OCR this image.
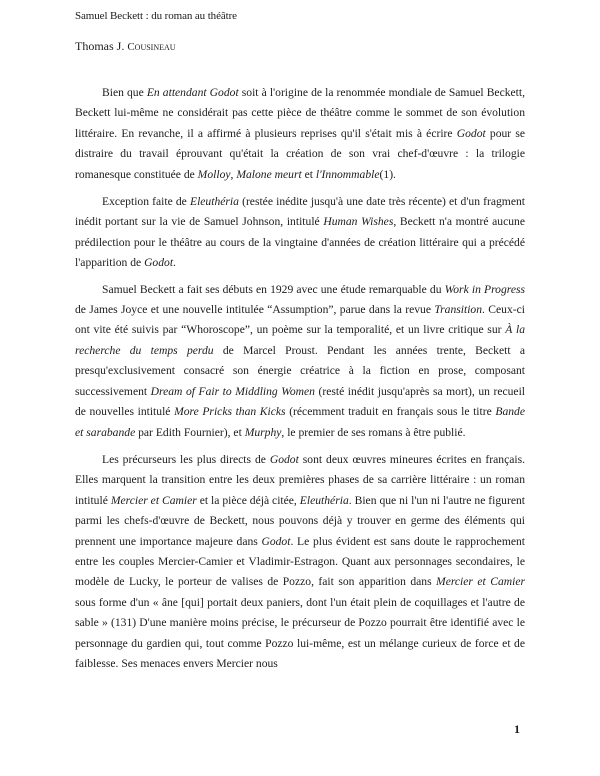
Samuel Beckett : du roman au théâtre
Thomas J. Cousineau

Bien que En attendant Godot soit à l'origine de la renommée mondiale de Samuel Beckett, Beckett lui-même ne considérait pas cette pièce de théâtre comme le sommet de son évolution littéraire. En revanche, il a affirmé à plusieurs reprises qu'il s'était mis à écrire Godot pour se distraire du travail éprouvant qu'était la création de son vrai chef-d'œuvre : la trilogie romanesque constituée de Molloy, Malone meurt et l'Innommable(1).

Exception faite de Eleuthéria (restée inédite jusqu'à une date très récente) et d'un fragment inédit portant sur la vie de Samuel Johnson, intitulé Human Wishes, Beckett n'a montré aucune prédilection pour le théâtre au cours de la vingtaine d'années de création littéraire qui a précédé l'apparition de Godot.

Samuel Beckett a fait ses débuts en 1929 avec une étude remarquable du Work in Progress de James Joyce et une nouvelle intitulée “Assumption”, parue dans la revue Transition. Ceux-ci ont vite été suivis par “Whoroscope”, un poème sur la temporalité, et un livre critique sur À la recherche du temps perdu de Marcel Proust. Pendant les années trente, Beckett a presqu'exclusivement consacré son énergie créatrice à la fiction en prose, composant successivement Dream of Fair to Middling Women (resté inédit jusqu'après sa mort), un recueil de nouvelles intitulé More Pricks than Kicks (récemment traduit en français sous le titre Bande et sarabande par Edith Fournier), et Murphy, le premier de ses romans à être publié.

Les précurseurs les plus directs de Godot sont deux œuvres mineures écrites en français. Elles marquent la transition entre les deux premières phases de sa carrière littéraire : un roman intitulé Mercier et Camier et la pièce déjà citée, Eleuthéria. Bien que ni l'un ni l'autre ne figurent parmi les chefs-d'œuvre de Beckett, nous pouvons déjà y trouver en germe des éléments qui prennent une importance majeure dans Godot. Le plus évident est sans doute le rapprochement entre les couples Mercier-Camier et Vladimir-Estragon. Quant aux personnages secondaires, le modèle de Lucky, le porteur de valises de Pozzo, fait son apparition dans Mercier et Camier sous forme d'un « âne [qui] portait deux paniers, dont l'un était plein de coquillages et l'autre de sable » (131) D'une manière moins précise, le précurseur de Pozzo pourrait être identifié avec le personnage du gardien qui, tout comme Pozzo lui-même, est un mélange curieux de force et de faiblesse. Ses menaces envers Mercier nous

1
